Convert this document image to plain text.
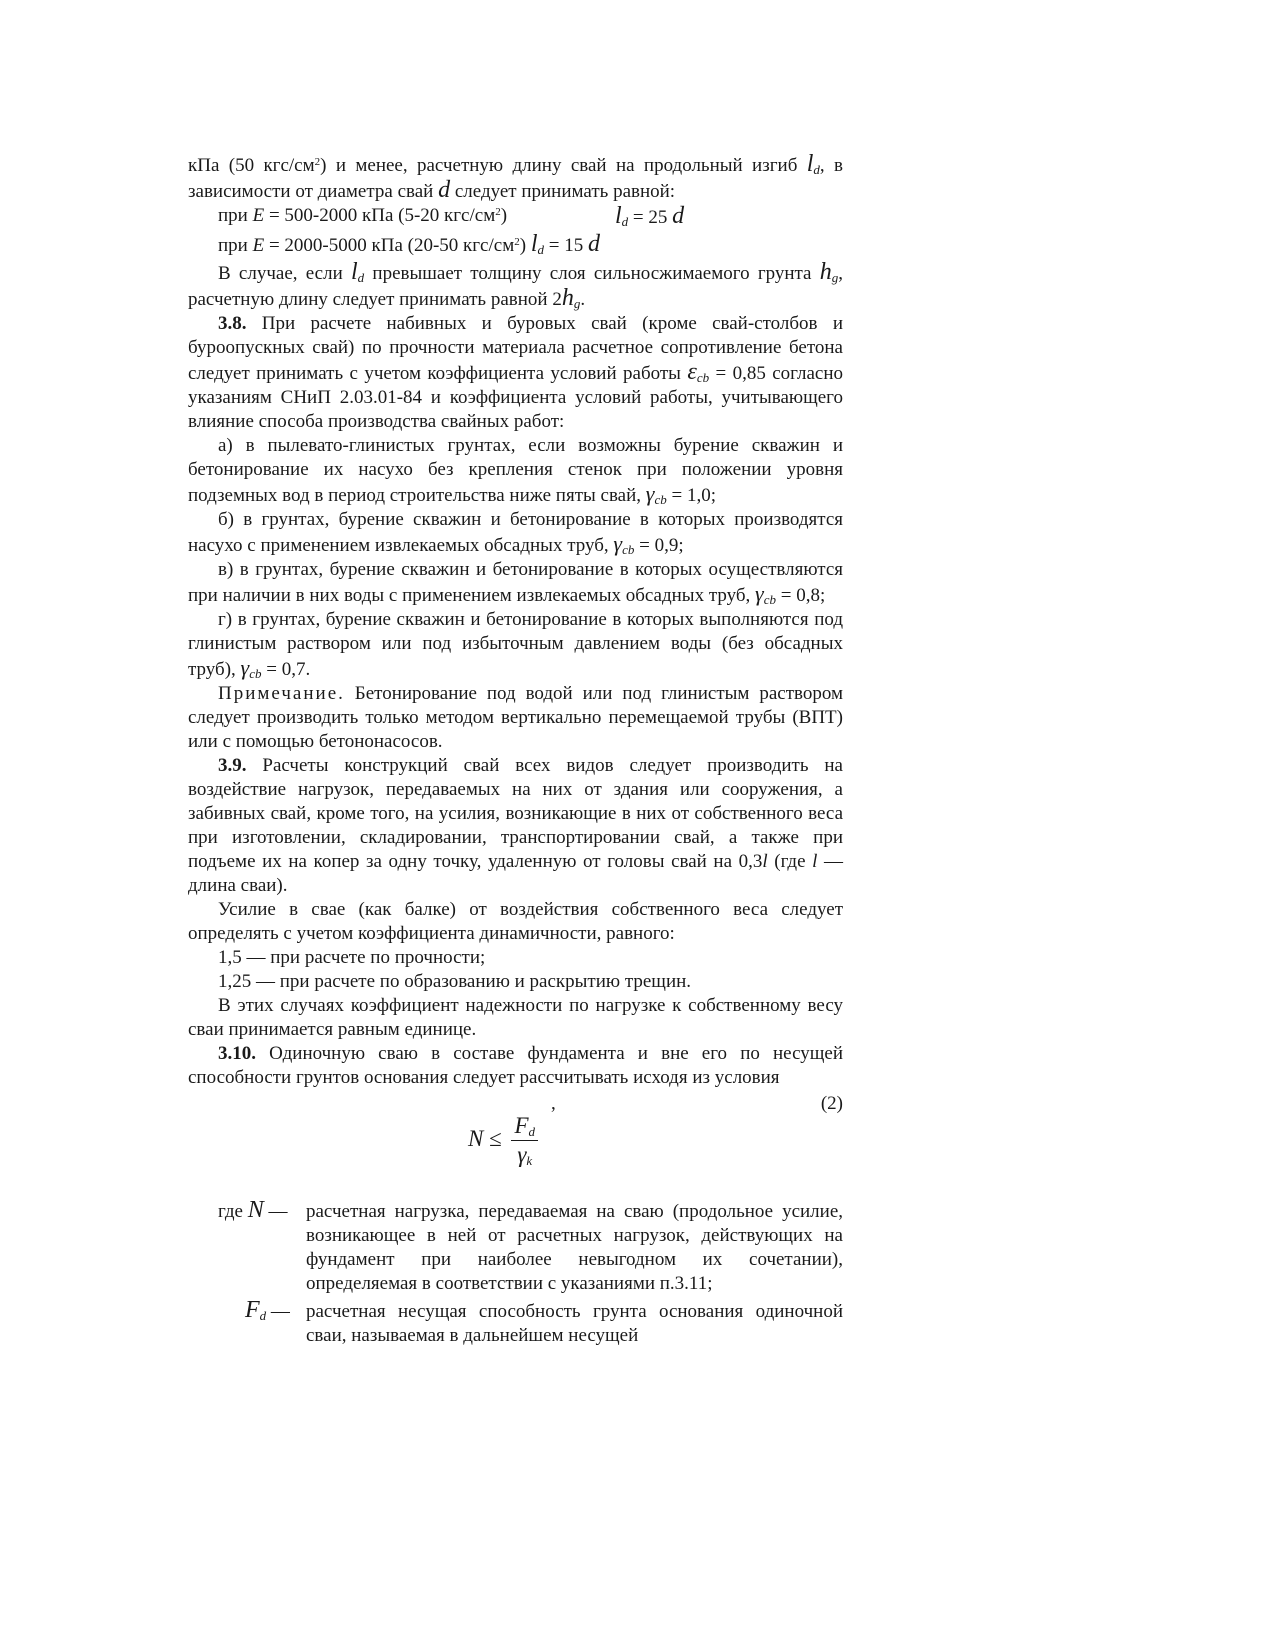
кПа (50 кгс/$см^2$) и менее, расчетную длину свай на продольный изгиб $l_d$, в зависимости от диаметра свай d следует принимать равной:

при E = 500-2000 кПа (5-20 кгс/$см^2$)	$l_d = 25$ d

при E = 2000-5000 кПа (20-50 кгс/$см^2$) $l_d = 15$ d

В случае, если $l_d$ превышает толщину слоя сильносжимаемого грунта $h_g$, расчетную длину следует принимать равной $2h_g$.

3.8. При расчете набивных и буровых свай (кроме свай-столбов и буроопускных свай) по прочности материала расчетное сопротивление бетона следует принимать с учетом коэффициента условий работы $\varepsilon_{cb} = 0,85$ согласно указаниям СНиП 2.03.01-84 и коэффициента условий работы, учитывающего влияние способа производства свайных работ:

а) в пылевато-глинистых грунтах, если возможны бурение скважин и бетонирование их насухо без крепления стенок при положении уровня подземных вод в период строительства ниже пяты свай, $\gamma_{cb} = 1,0$;

б) в грунтах, бурение скважин и бетонирование в которых производятся насухо с применением извлекаемых обсадных труб, $\gamma_{cb} = 0,9$;

в) в грунтах, бурение скважин и бетонирование в которых осуществляются при наличии в них воды с применением извлекаемых обсадных труб, $\gamma_{cb} = 0,8$;

г) в грунтах, бурение скважин и бетонирование в которых выполняются под глинистым раствором или под избыточным давлением воды (без обсадных труб), $\gamma_{cb} = 0,7$.

Примечание. Бетонирование под водой или под глинистым раствором следует производить только методом вертикально перемещаемой трубы (ВПТ) или с помощью бетононасосов.

3.9. Расчеты конструкций свай всех видов следует производить на воздействие нагрузок, передаваемых на них от здания или сооружения, а забивных свай, кроме того, на усилия, возникающие в них от собственного веса при изготовлении, складировании, транспортировании свай, а также при подъеме их на копер за одну точку, удаленную от головы свай на 0,3l (где l — длина сваи).

Усилие в свае (как балке) от воздействия собственного веса следует определять с учетом коэффициента динамичности, равного:

1,5 — при расчете по прочности;

1,25 — при расчете по образованию и раскрытию трещин.

В этих случаях коэффициент надежности по нагрузке к собственному весу сваи принимается равным единице.

3.10. Одиночную сваю в составе фундамента и вне его по несущей способности грунтов основания следует рассчитывать исходя из условия

,	(2)
$N \le \frac{F_d}{\gamma_k}$
где N — расчетная нагрузка, передаваемая на сваю (продольное усилие, возникающее в ней от расчетных нагрузок, действующих на фундамент при наиболее невыгодном их сочетании), определяемая в соответствии с указаниями п.3.11;

$F_d$ — расчетная несущая способность грунта основания одиночной сваи, называемая в дальнейшем несущей
